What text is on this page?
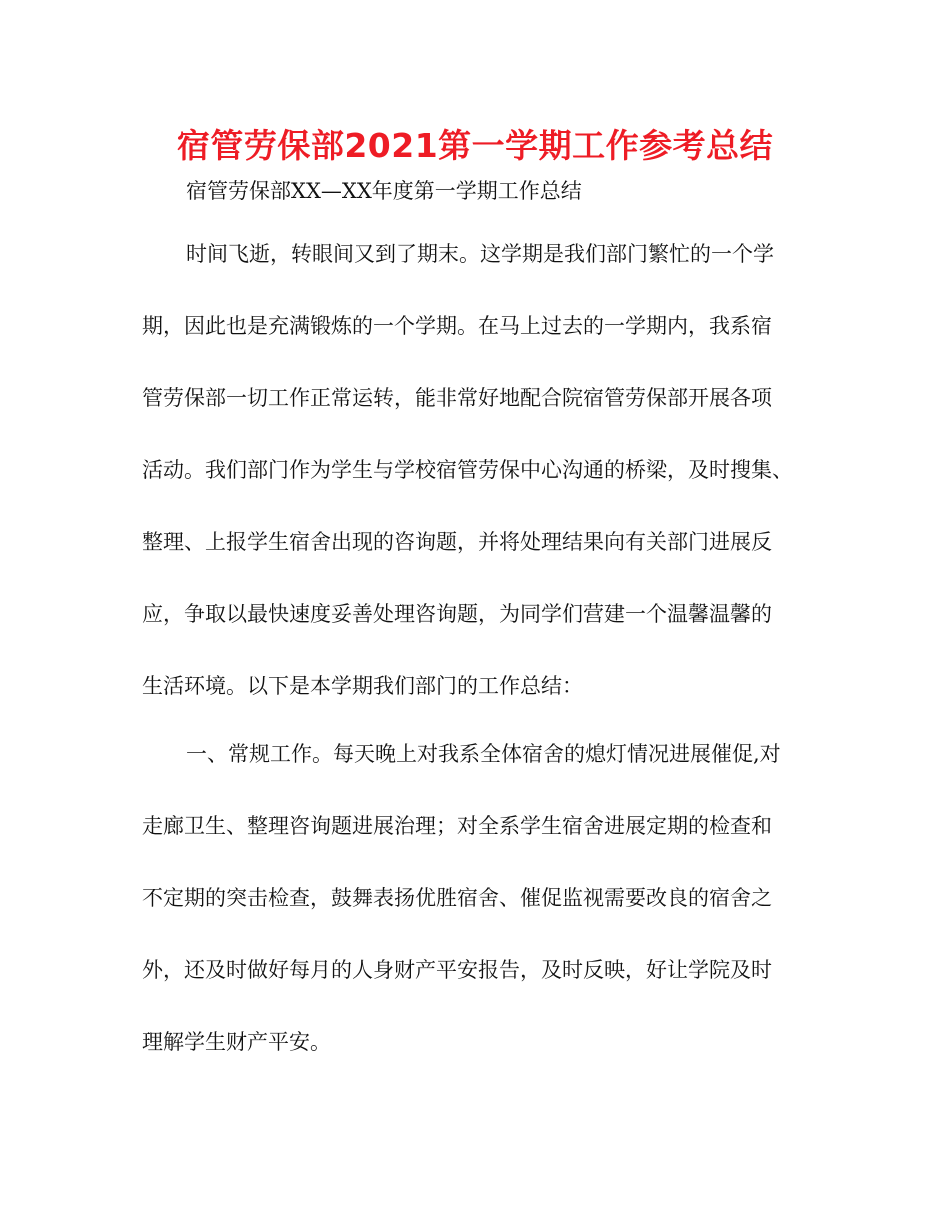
宿管劳保部2021第一学期工作参考总结

宿管劳保部XX—XX年度第一学期工作总结

时间飞逝，转眼间又到了期末。这学期是我们部门繁忙的一个学

期，因此也是充满锻炼的一个学期。在马上过去的一学期内，我系宿

管劳保部一切工作正常运转，能非常好地配合院宿管劳保部开展各项

活动。我们部门作为学生与学校宿管劳保中心沟通的桥梁，及时搜集、

整理、上报学生宿舍出现的咨询题，并将处理结果向有关部门进展反

应，争取以最快速度妥善处理咨询题，为同学们营建一个温馨温馨的

生活环境。以下是本学期我们部门的工作总结：

一、常规工作。每天晚上对我系全体宿舍的熄灯情况进展催促,对

走廊卫生、整理咨询题进展治理；对全系学生宿舍进展定期的检查和

不定期的突击检查，鼓舞表扬优胜宿舍、催促监视需要改良的宿舍之

外，还及时做好每月的人身财产平安报告，及时反映，好让学院及时

理解学生财产平安。
